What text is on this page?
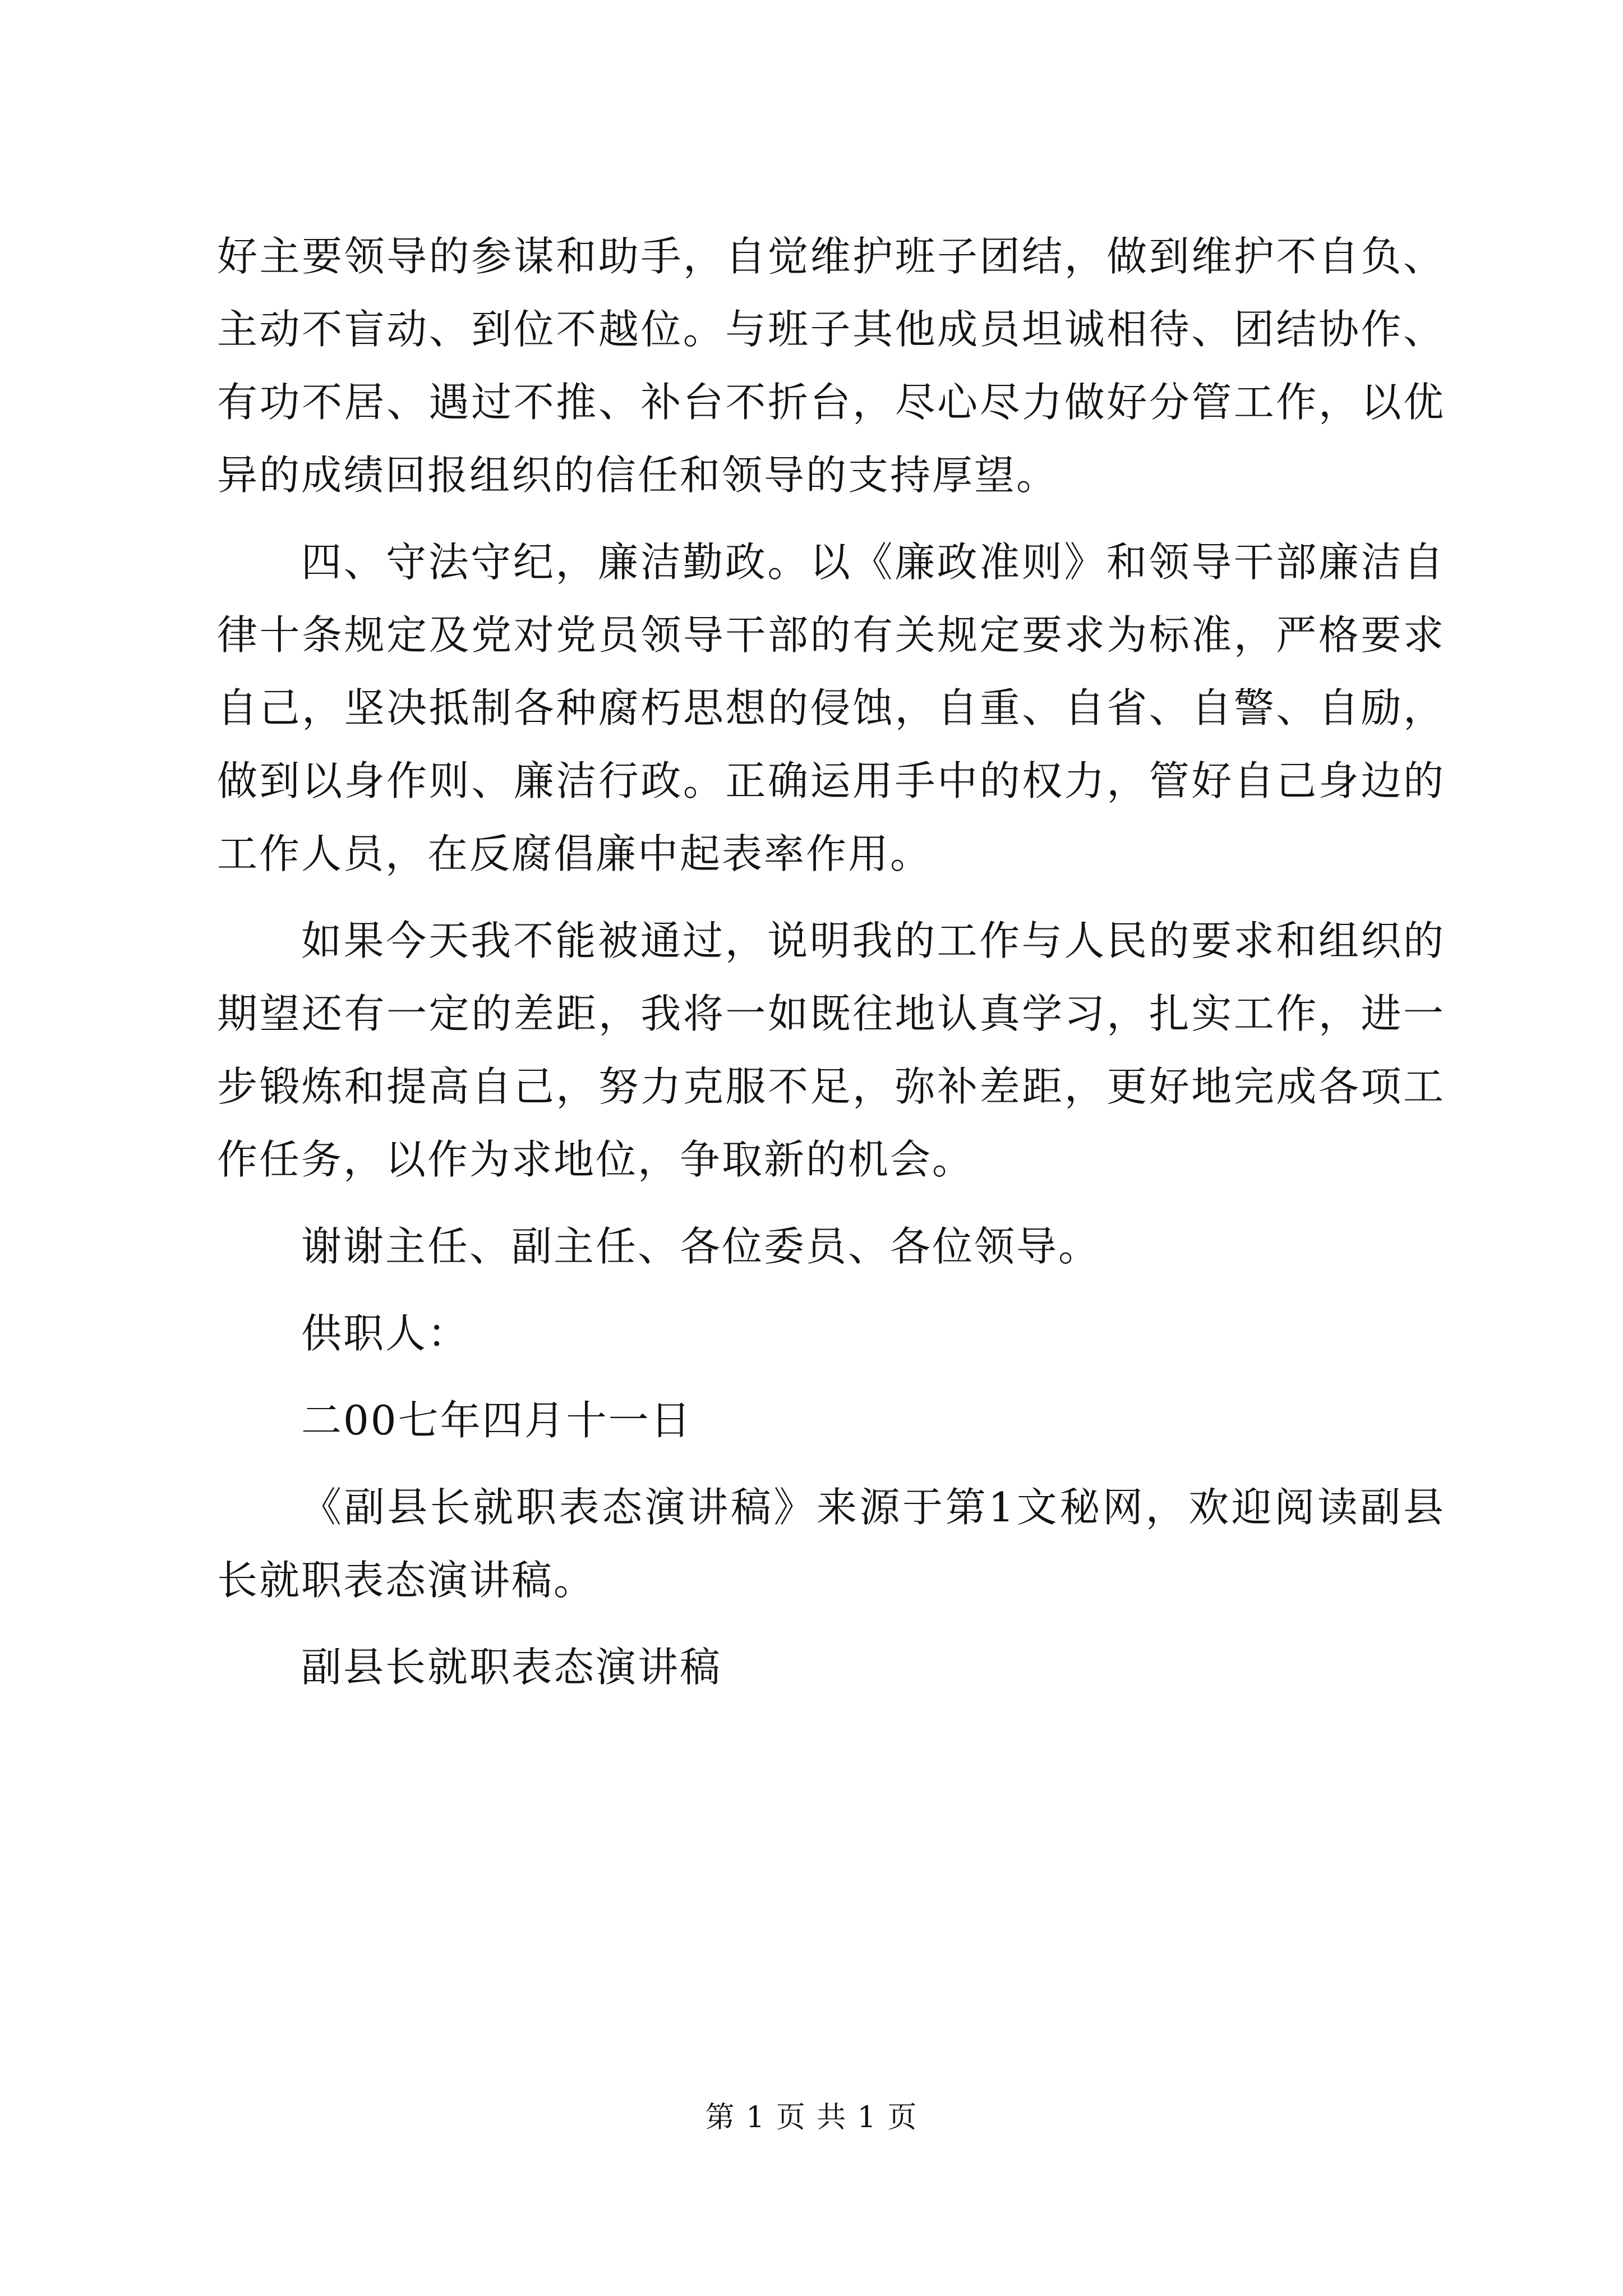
好主要领导的参谋和助手，自觉维护班子团结，做到维护不自负、主动不盲动、到位不越位。与班子其他成员坦诚相待、团结协作、有功不居、遇过不推、补台不折台，尽心尽力做好分管工作，以优异的成绩回报组织的信任和领导的支持厚望。

四、守法守纪，廉洁勤政。以《廉政准则》和领导干部廉洁自律十条规定及党对党员领导干部的有关规定要求为标准，严格要求自己，坚决抵制各种腐朽思想的侵蚀，自重、自省、自警、自励，做到以身作则、廉洁行政。正确运用手中的权力，管好自己身边的工作人员，在反腐倡廉中起表率作用。

如果今天我不能被通过，说明我的工作与人民的要求和组织的期望还有一定的差距，我将一如既往地认真学习，扎实工作，进一步锻炼和提高自己，努力克服不足，弥补差距，更好地完成各项工作任务，以作为求地位，争取新的机会。

谢谢主任、副主任、各位委员、各位领导。

供职人：

二00七年四月十一日

《副县长就职表态演讲稿》来源于第1文秘网，欢迎阅读副县长就职表态演讲稿。

副县长就职表态演讲稿

第 1 页 共 1 页
